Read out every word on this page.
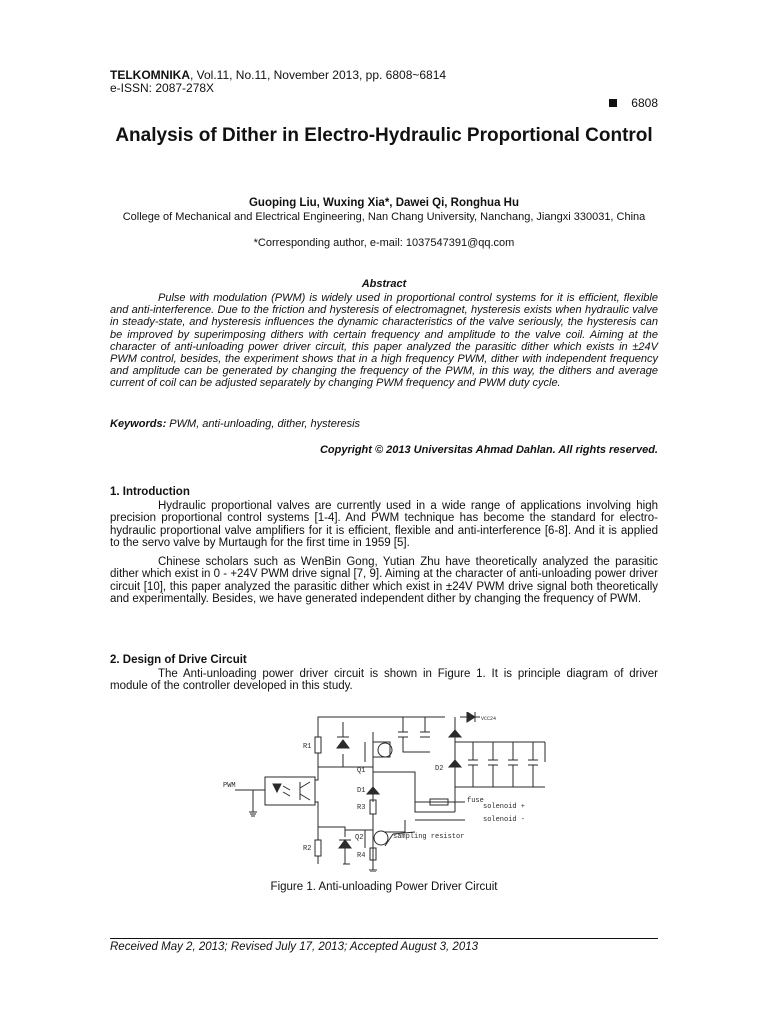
TELKOMNIKA, Vol.11, No.11, November 2013, pp. 6808~6814
e-ISSN: 2087-278X
6808
Analysis of Dither in Electro-Hydraulic Proportional Control
Guoping Liu, Wuxing Xia*, Dawei Qi, Ronghua Hu
College of Mechanical and Electrical Engineering, Nan Chang University, Nanchang, Jiangxi 330031, China
*Corresponding author, e-mail: 1037547391@qq.com
Abstract
Pulse with modulation (PWM) is widely used in proportional control systems for it is efficient, flexible and anti-interference. Due to the friction and hysteresis of electromagnet, hysteresis exists when hydraulic valve in steady-state, and hysteresis influences the dynamic characteristics of the valve seriously, the hysteresis can be improved by superimposing dithers with certain frequency and amplitude to the valve coil. Aiming at the character of anti-unloading power driver circuit, this paper analyzed the parasitic dither which exists in ±24V PWM control, besides, the experiment shows that in a high frequency PWM, dither with independent frequency and amplitude can be generated by changing the frequency of the PWM, in this way, the dithers and average current of coil can be adjusted separately by changing PWM frequency and PWM duty cycle.
Keywords: PWM, anti-unloading, dither, hysteresis
Copyright © 2013 Universitas Ahmad Dahlan. All rights reserved.
1. Introduction
Hydraulic proportional valves are currently used in a wide range of applications involving high precision proportional control systems [1-4]. And PWM technique has become the standard for electro-hydraulic proportional valve amplifiers for it is efficient, flexible and anti-interference [6-8]. And it is applied to the servo valve by Murtaugh for the first time in 1959 [5].
Chinese scholars such as WenBin Gong, Yutian Zhu have theoretically analyzed the parasitic dither which exist in 0 - +24V PWM drive signal [7, 9]. Aiming at the character of anti-unloading power driver circuit [10], this paper analyzed the parasitic dither which exist in ±24V PWM drive signal both theoretically and experimentally. Besides, we have generated independent dither by changing the frequency of PWM.
2. Design of Drive Circuit
The Anti-unloading power driver circuit is shown in Figure 1. It is principle diagram of driver module of the controller developed in this study.
R1
Q1
D1
R3
D2
Q2
R2
R4
PWM
VCC24
fuse
solenoid +
solenoid -
sampling resistor
Figure 1. Anti-unloading Power Driver Circuit
Received May 2, 2013; Revised July 17, 2013; Accepted August 3, 2013
